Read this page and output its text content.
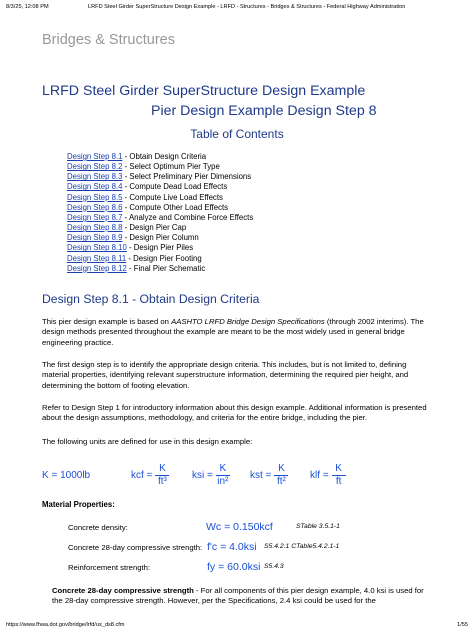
8/3/25, 12:08 PM	LRFD Steel Girder SuperStructure Design Example - LRFD - Structures - Bridges & Structures - Federal Highway Administration
Bridges & Structures
LRFD Steel Girder SuperStructure Design Example
Pier Design Example Design Step 8
Table of Contents
Design Step 8.1 - Obtain Design Criteria
Design Step 8.2 - Select Optimum Pier Type
Design Step 8.3 - Select Preliminary Pier Dimensions
Design Step 8.4 - Compute Dead Load Effects
Design Step 8.5 - Compute Live Load Effects
Design Step 8.6 - Compute Other Load Effects
Design Step 8.7 - Analyze and Combine Force Effects
Design Step 8.8 - Design Pier Cap
Design Step 8.9 - Design Pier Column
Design Step 8.10 - Design Pier Piles
Design Step 8.11 - Design Pier Footing
Design Step 8.12 - Final Pier Schematic
Design Step 8.1 - Obtain Design Criteria
This pier design example is based on AASHTO LRFD Bridge Design Specifications (through 2002 interims). The design methods presented throughout the example are meant to be the most widely used in general bridge engineering practice.
The first design step is to identify the appropriate design criteria. This includes, but is not limited to, defining material properties, identifying relevant superstructure information, determining the required pier height, and determining the bottom of footing elevation.
Refer to Design Step 1 for introductory information about this design example. Additional information is presented about the design assumptions, methodology, and criteria for the entire bridge, including the pier.
The following units are defined for use in this design example:
K = 1000lb	kcf = $\frac{K}{\text{ft³}}$ ksi = $\frac{K}{\text{in²}}$ kst = $\frac{K}{\text{ft²}}$ klf = $\frac{K}{ft}$
Material Properties:
Concrete density:	Wc = 0.150kcf	STable 3.5.1-1
Concrete 28-day compressive strength: f'c = 4.0ksi S5.4.2.1 CTable5.4.2.1-1
Reinforcement strength:	fy = 60.0ksi S5.4.3
Concrete 28-day compressive strength - For all components of this pier design example, 4.0 ksi is used for the 28-day compressive strength. However, per the Specifications, 2.4 ksi could be used for the
https://www.fhwa.dot.gov/bridge/lrfd/us_ds8.cfm	1/55
